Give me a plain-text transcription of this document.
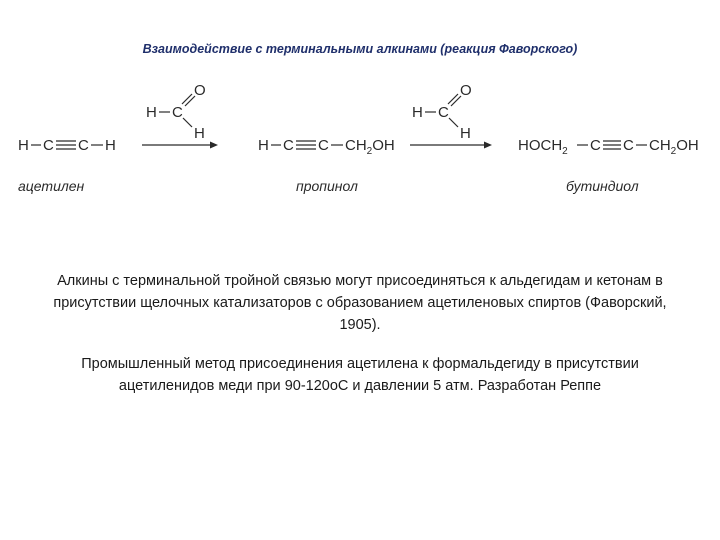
Взаимодействие с терминальными алкинами (реакция Фаворского)
H C C H
ацетилен
H C
O
H
H C C $CH_2OH$
пропинол
H C
O
H
$HOCH_2$ C C $CH_2OH$
бутиндиол
Алкины с терминальной тройной связью могут присоединяться к альдегидам и кетонам в присутствии щелочных катализаторов с образованием ацетиленовых спиртов (Фаворский, 1905).
Промышленный метод присоединения ацетилена к формальдегиду в присутствии ацетиленидов меди при 90-120оС и давлении 5 атм. Разработан Реппе
